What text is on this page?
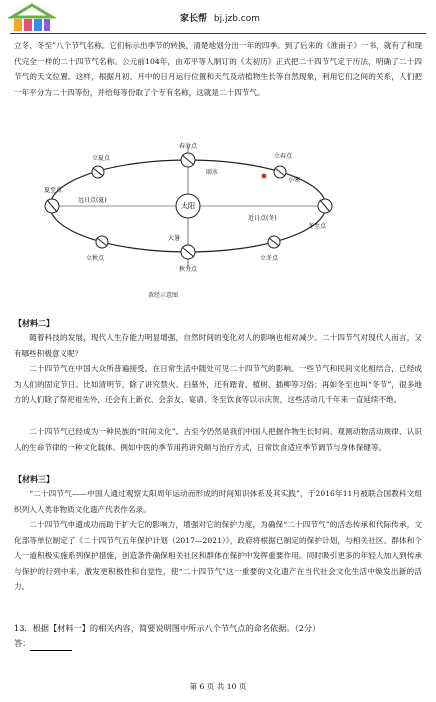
家长帮 bj.jzb.com
立冬、冬至”八个节气名称。它们标示出季节的转换，清楚地划分出一年的四季。到了后来的《淮南子》一书，就有了和现代完全一样的二十四节气名称。公元前104年，由邓平等人制订的《太初历》正式把二十四节气定于历法，明确了二十四节气的天文位置。这样，根据月初、月中的日月运行位置和天气及动植物生长等自然现象，利用它们之间的关系，人们把一年平分为二十四等份，并给每等份取了个专有名称，这就是二十四节气。
太阳
春分点
雨水
立夏点	立春点
小寒
夏至点
远日点(夏)
近日点(冬)
冬至点
立秋点
大暑
秋分点
立冬点
黄经示意图
【材料二】
随着科技的发展，现代人生存能力明显增强，自然时间的变化对人的影响也相对减少。二十四节气对现代人而言，又有哪些积极意义呢？
二十四节气在中国大众所普遍接受，在日常生活中随处可见二十四节气的影响。一些节气和民间文化相结合，已经成为人们的固定节日。比如清明节，除了讲究禁火、扫墓外，还有踏青、植树、插柳等习俗；再如冬至也叫“冬节”，很多地方的人们除了祭祀祖先外，还会有上新衣、会亲友、宴请、冬至饮食等以示庆贺，这些活动几千年来一直延续不绝。
二十四节气已经成为一种民族的“时间文化”。古至今仍然是我们中国人把握作物生长时间、观测动物活动规律、认识人的生命节律的一种文化载体。例如中医的季节用药讲究顺与治疗方式，日常饮食适应季节调节与身体保健等。
【材料三】
“二十四节气——中国人通过观察太阳周年运动而形成的时间知识体系及其实践”，于2016年11月被联合国教科文组织列入人类非物质文化遗产代表作名录。
二十四节气申遗成功而助于扩大它的影响力，增强对它的保护力度，为确保“二十四节气”的活态传承和代际传承，文化部等单位制定了《二十四节气五年保护计划（2017—2021）》，政府将根据已制定的保护计划，与相关社区、群体和个人一道积极实施系列保护措施，创造条件确保相关社区和群体在保护中发挥重要作用。同时吸引更多的年轻人加入到传承与保护的行列中来，激发更积极性和自觉性，使“二十四节气”这一重要的文化遗产在当代社会文化生活中焕发出新的活力。
13．根据【材料一】的相关内容，简要说明图中所示八个节气点的命名依据。（2分）
答：
第 6 页 共 10 页
